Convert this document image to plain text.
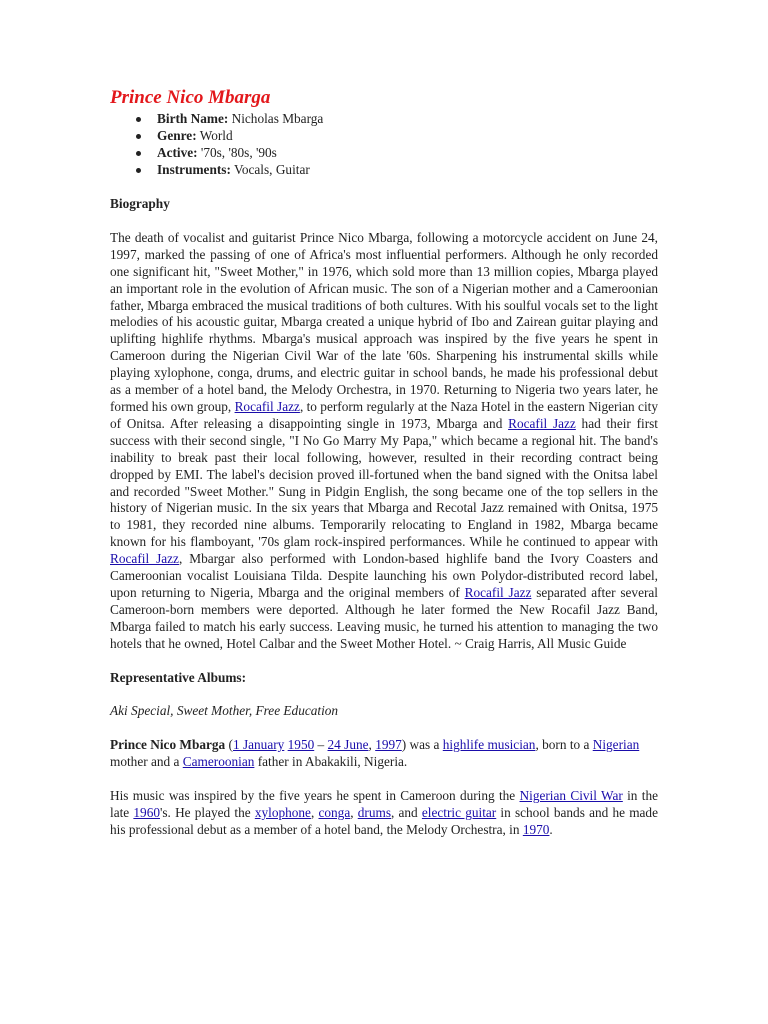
Prince Nico Mbarga
Birth Name: Nicholas Mbarga
Genre: World
Active: '70s, '80s, '90s
Instruments: Vocals, Guitar

Biography

The death of vocalist and guitarist Prince Nico Mbarga, following a motorcycle accident on June 24, 1997, marked the passing of one of Africa's most influential performers. Although he only recorded one significant hit, "Sweet Mother," in 1976, which sold more than 13 million copies, Mbarga played an important role in the evolution of African music. The son of a Nigerian mother and a Cameroonian father, Mbarga embraced the musical traditions of both cultures. With his soulful vocals set to the light melodies of his acoustic guitar, Mbarga created a unique hybrid of Ibo and Zairean guitar playing and uplifting highlife rhythms. Mbarga's musical approach was inspired by the five years he spent in Cameroon during the Nigerian Civil War of the late '60s. Sharpening his instrumental skills while playing xylophone, conga, drums, and electric guitar in school bands, he made his professional debut as a member of a hotel band, the Melody Orchestra, in 1970. Returning to Nigeria two years later, he formed his own group, Rocafil Jazz, to perform regularly at the Naza Hotel in the eastern Nigerian city of Onitsa. After releasing a disappointing single in 1973, Mbarga and Rocafil Jazz had their first success with their second single, "I No Go Marry My Papa," which became a regional hit. The band's inability to break past their local following, however, resulted in their recording contract being dropped by EMI. The label's decision proved ill-fortuned when the band signed with the Onitsa label and recorded "Sweet Mother." Sung in Pidgin English, the song became one of the top sellers in the history of Nigerian music. In the six years that Mbarga and Recotal Jazz remained with Onitsa, 1975 to 1981, they recorded nine albums. Temporarily relocating to England in 1982, Mbarga became known for his flamboyant, '70s glam rock-inspired performances. While he continued to appear with Rocafil Jazz, Mbargar also performed with London-based highlife band the Ivory Coasters and Cameroonian vocalist Louisiana Tilda. Despite launching his own Polydor-distributed record label, upon returning to Nigeria, Mbarga and the original members of Rocafil Jazz separated after several Cameroon-born members were deported. Although he later formed the New Rocafil Jazz Band, Mbarga failed to match his early success. Leaving music, he turned his attention to managing the two hotels that he owned, Hotel Calbar and the Sweet Mother Hotel. ~ Craig Harris, All Music Guide

Representative Albums:

Aki Special, Sweet Mother, Free Education

Prince Nico Mbarga (1 January 1950 – 24 June, 1997) was a highlife musician, born to a Nigerian mother and a Cameroonian father in Abakakili, Nigeria.

His music was inspired by the five years he spent in Cameroon during the Nigerian Civil War in the late 1960's. He played the xylophone, conga, drums, and electric guitar in school bands and he made his professional debut as a member of a hotel band, the Melody Orchestra, in 1970.
